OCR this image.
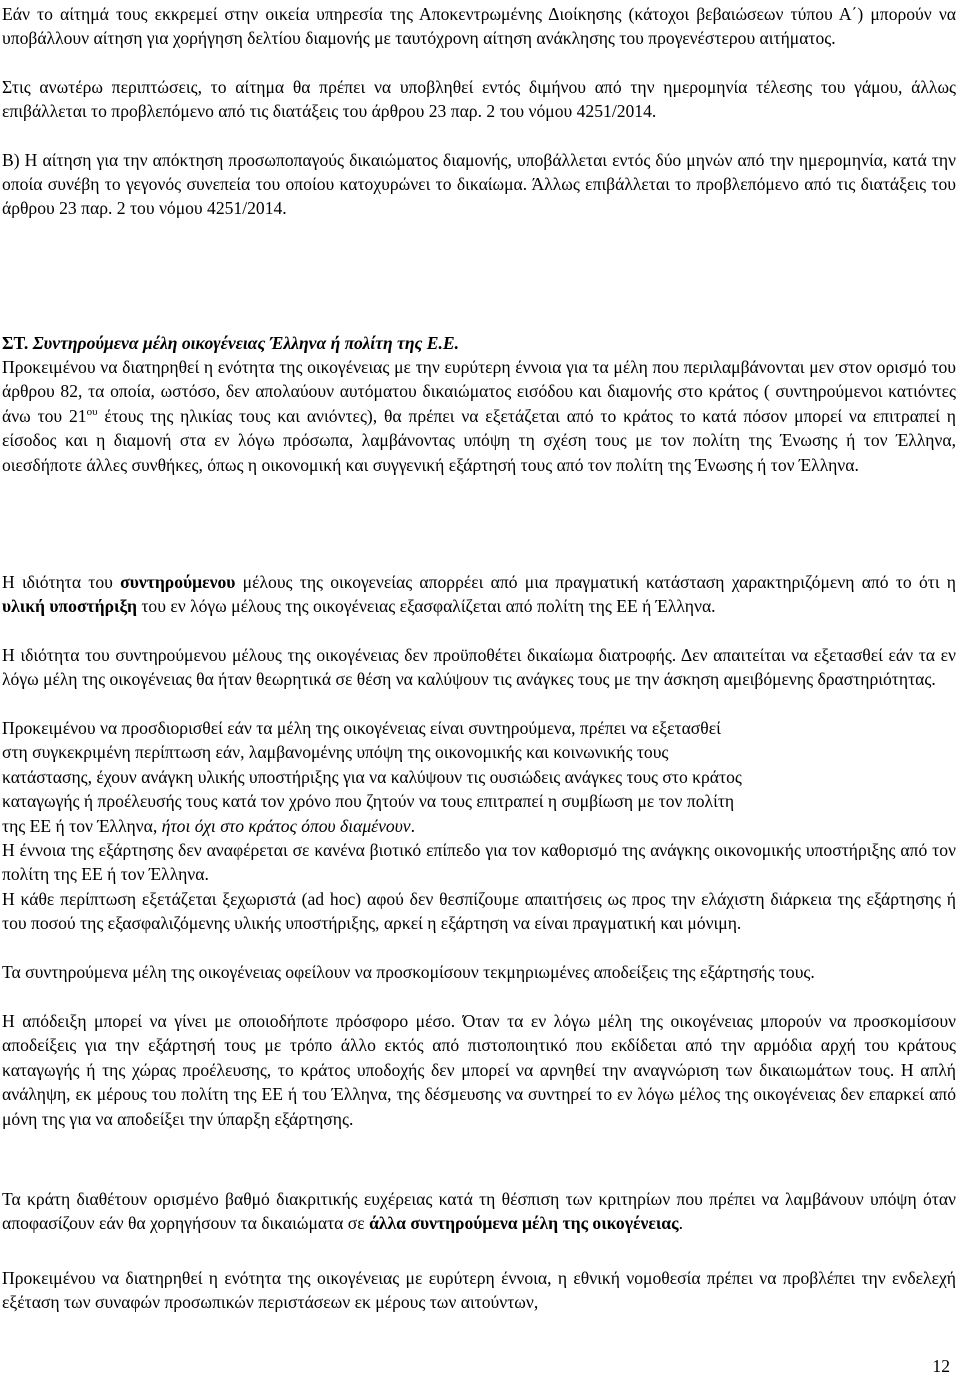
Εάν το αίτημά τους εκκρεμεί στην οικεία υπηρεσία της Αποκεντρωμένης Διοίκησης (κάτοχοι βεβαιώσεων τύπου Α΄) μπορούν να υποβάλλουν αίτηση για χορήγηση δελτίου διαμονής με ταυτόχρονη αίτηση ανάκλησης του προγενέστερου αιτήματος.

Στις ανωτέρω περιπτώσεις, το αίτημα θα πρέπει να υποβληθεί εντός διμήνου από την ημερομηνία τέλεσης του γάμου, άλλως επιβάλλεται το προβλεπόμενο από τις διατάξεις του άρθρου 23 παρ. 2 του νόμου 4251/2014.

Β) Η αίτηση για την απόκτηση προσωποπαγούς δικαιώματος διαμονής, υποβάλλεται εντός δύο μηνών από την ημερομηνία, κατά την οποία συνέβη το γεγονός συνεπεία του οποίου κατοχυρώνει το δικαίωμα. Άλλως επιβάλλεται το προβλεπόμενο από τις διατάξεις του άρθρου 23 παρ. 2 του νόμου 4251/2014.

ΣΤ. Συντηρούμενα μέλη οικογένειας Έλληνα ή πολίτη της Ε.Ε.

Προκειμένου να διατηρηθεί η ενότητα της οικογένειας με την ευρύτερη έννοια για τα μέλη που περιλαμβάνονται μεν στον ορισμό του άρθρου 82, τα οποία, ωστόσο, δεν απολαύουν αυτόματου δικαιώματος εισόδου και διαμονής στο κράτος ( συντηρούμενοι κατιόντες άνω του $21^{o\upsilon}$ έτους της ηλικίας τους και ανιόντες), θα πρέπει να εξετάζεται από το κράτος το κατά πόσον μπορεί να επιτραπεί η είσοδος και η διαμονή στα εν λόγω πρόσωπα, λαμβάνοντας υπόψη τη σχέση τους με τον πολίτη της Ένωσης ή τον Έλληνα, οιεσδήποτε άλλες συνθήκες, όπως η οικονομική και συγγενική εξάρτησή τους από τον πολίτη της Ένωσης ή τον Έλληνα.

Η ιδιότητα του συντηρούμενου μέλους της οικογενείας απορρέει από μια πραγματική κατάσταση χαρακτηριζόμενη από το ότι η υλική υποστήριξη του εν λόγω μέλους της οικογένειας εξασφαλίζεται από πολίτη της ΕΕ ή Έλληνα.

Η ιδιότητα του συντηρούμενου μέλους της οικογένειας δεν προϋποθέτει δικαίωμα διατροφής. Δεν απαιτείται να εξετασθεί εάν τα εν λόγω μέλη της οικογένειας θα ήταν θεωρητικά σε θέση να καλύψουν τις ανάγκες τους με την άσκηση αμειβόμενης δραστηριότητας.

Προκειμένου να προσδιορισθεί εάν τα μέλη της οικογένειας είναι συντηρούμενα, πρέπει να εξετασθεί
στη συγκεκριμένη περίπτωση εάν, λαμβανομένης υπόψη της οικονομικής και κοινωνικής τους
κατάστασης, έχουν ανάγκη υλικής υποστήριξης για να καλύψουν τις ουσιώδεις ανάγκες τους στο κράτος
καταγωγής ή προέλευσής τους κατά τον χρόνο που ζητούν να τους επιτραπεί η συμβίωση με τον πολίτη
της ΕΕ ή τον Έλληνα, ήτοι όχι στο κράτος όπου διαμένουν.

Η έννοια της εξάρτησης δεν αναφέρεται σε κανένα βιοτικό επίπεδο για τον καθορισμό της ανάγκης οικονομικής υποστήριξης από τον πολίτη της ΕΕ ή τον Έλληνα.

Η κάθε περίπτωση εξετάζεται ξεχωριστά (ad hoc) αφού δεν θεσπίζουμε απαιτήσεις ως προς την ελάχιστη διάρκεια της εξάρτησης ή του ποσού της εξασφαλιζόμενης υλικής υποστήριξης, αρκεί η εξάρτηση να είναι πραγματική και μόνιμη.

Τα συντηρούμενα μέλη της οικογένειας οφείλουν να προσκομίσουν τεκμηριωμένες αποδείξεις της εξάρτησής τους.

Η απόδειξη μπορεί να γίνει με οποιοδήποτε πρόσφορο μέσο. Όταν τα εν λόγω μέλη της οικογένειας μπορούν να προσκομίσουν αποδείξεις για την εξάρτησή τους με τρόπο άλλο εκτός από πιστοποιητικό που εκδίδεται από την αρμόδια αρχή του κράτους καταγωγής ή της χώρας προέλευσης, το κράτος υποδοχής δεν μπορεί να αρνηθεί την αναγνώριση των δικαιωμάτων τους. Η απλή ανάληψη, εκ μέρους του πολίτη της ΕΕ ή του Έλληνα, της δέσμευσης να συντηρεί το εν λόγω μέλος της οικογένειας δεν επαρκεί από μόνη της για να αποδείξει την ύπαρξη εξάρτησης.

Τα κράτη διαθέτουν ορισμένο βαθμό διακριτικής ευχέρειας κατά τη θέσπιση των κριτηρίων που πρέπει να λαμβάνουν υπόψη όταν αποφασίζουν εάν θα χορηγήσουν τα δικαιώματα σε άλλα συντηρούμενα μέλη της οικογένειας.

Προκειμένου να διατηρηθεί η ενότητα της οικογένειας με ευρύτερη έννοια, η εθνική νομοθεσία πρέπει να προβλέπει την ενδελεχή εξέταση των συναφών προσωπικών περιστάσεων εκ μέρους των αιτούντων,

12
